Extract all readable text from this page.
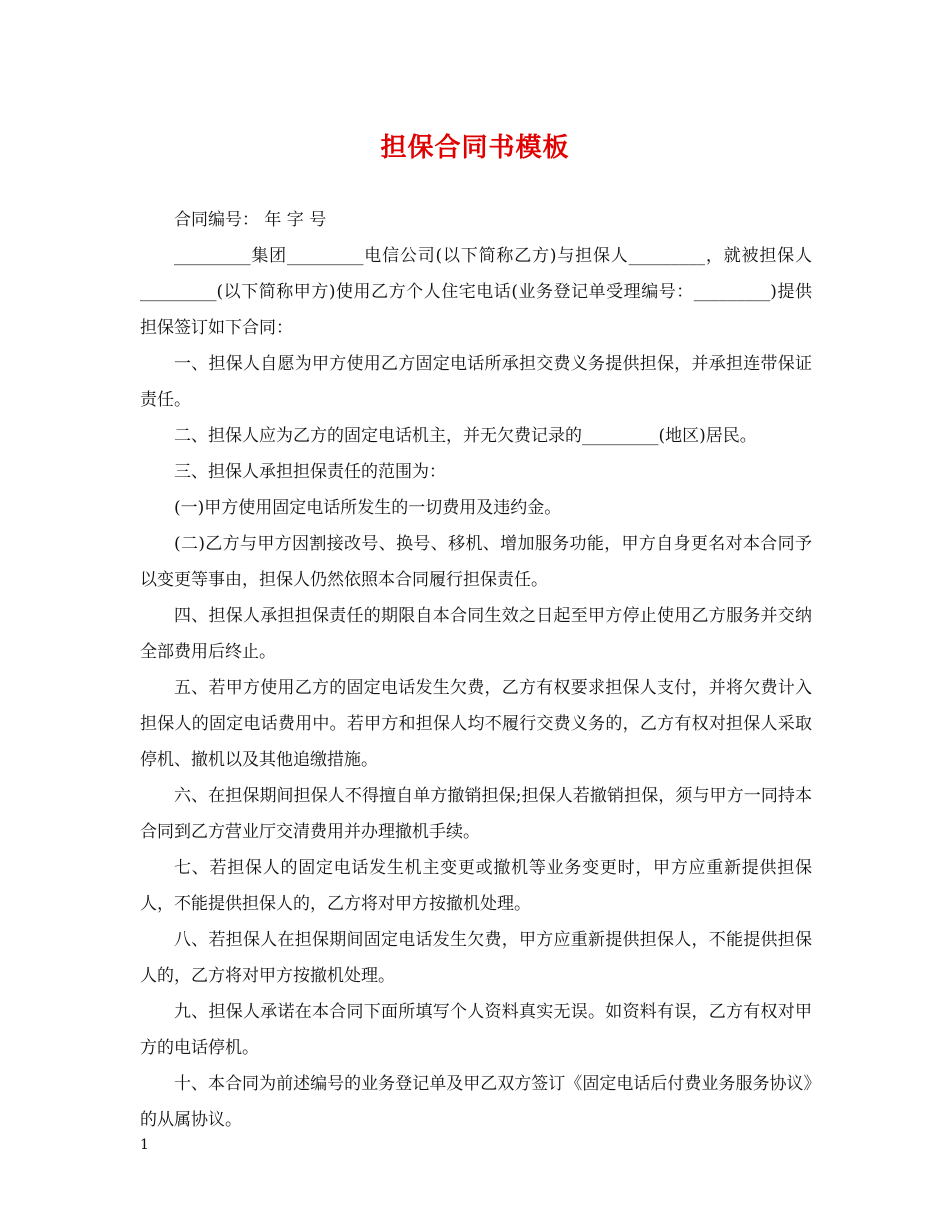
担保合同书模板

合同编号： 年 字 号

_________集团_________电信公司(以下简称乙方)与担保人_________，就被担保人_________(以下简称甲方)使用乙方个人住宅电话(业务登记单受理编号：_________)提供担保签订如下合同：

一、担保人自愿为甲方使用乙方固定电话所承担交费义务提供担保，并承担连带保证责任。

二、担保人应为乙方的固定电话机主，并无欠费记录的_________(地区)居民。

三、担保人承担担保责任的范围为：

(一)甲方使用固定电话所发生的一切费用及违约金。

(二)乙方与甲方因割接改号、换号、移机、增加服务功能，甲方自身更名对本合同予以变更等事由，担保人仍然依照本合同履行担保责任。

四、担保人承担担保责任的期限自本合同生效之日起至甲方停止使用乙方服务并交纳全部费用后终止。

五、若甲方使用乙方的固定电话发生欠费，乙方有权要求担保人支付，并将欠费计入担保人的固定电话费用中。若甲方和担保人均不履行交费义务的，乙方有权对担保人采取停机、撤机以及其他追缴措施。

六、在担保期间担保人不得擅自单方撤销担保;担保人若撤销担保，须与甲方一同持本合同到乙方营业厅交清费用并办理撤机手续。

七、若担保人的固定电话发生机主变更或撤机等业务变更时，甲方应重新提供担保人，不能提供担保人的，乙方将对甲方按撤机处理。

八、若担保人在担保期间固定电话发生欠费，甲方应重新提供担保人，不能提供担保人的，乙方将对甲方按撤机处理。

九、担保人承诺在本合同下面所填写个人资料真实无误。如资料有误，乙方有权对甲方的电话停机。

十、本合同为前述编号的业务登记单及甲乙双方签订《固定电话后付费业务服务协议》的从属协议。

1
